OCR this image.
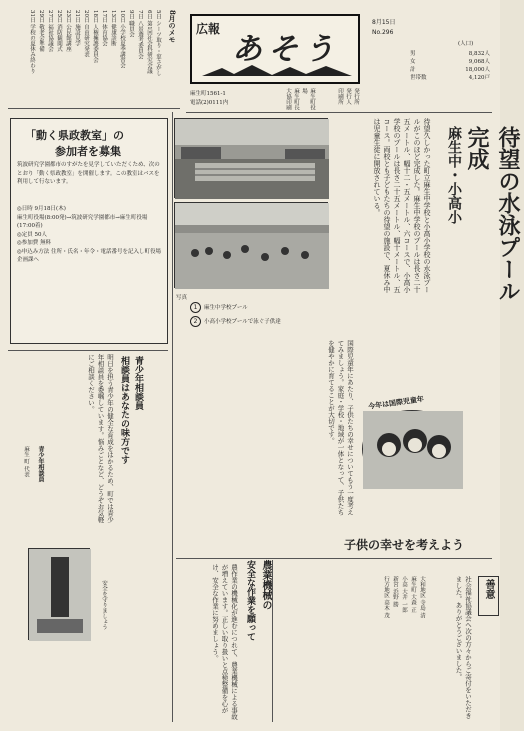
8月のメモ
5日 シーツ取り・窓さがし
6日 第1回社会科研究会議
7日 八景選考委員会
9日 職員会
10日 小学校夏季講習会
13日 健康診断
17日 体育協会
18日 人権擁護委員会
20日 自由研究発表
21日 施設見学
23日 公民館講座
25日 消防観閲式
27日 福祉協議会
29日 敬老会準備
31日 学校の夏休み終わり	広報
あそう
発行所
発行人
印刷所
麻生町役場
麻生町長
大協印刷
麻生町1561-1
電話(2)0111内
8月15日
No.296
(人口)
男	8,832人
女	9,068人
計	18,000人
世帯数	4,120戸
待望久しかった町立麻生中学校と小高小学校の水泳プールがこのほど完成した。麻生中学校のプールは長さ二十五メートル、幅十二・五メートル、六コースで、小高小学校のプールは長さ二十五メートル、幅十メートル、五コース。両校とも子どもたちの待望の施設で、夏休み中は児童生徒に開放されている。	麻生中・小高小	待望の水泳プール完成
写真
1	麻生中学校プール
2	小高小学校プールで泳ぐ子供達
「動く県政教室」の
参加者を募集
筑波研究学園都市のすがたを見学していただくため、次のとおり「動く県政教室」を開催します。この教室はバスを利用して行ないます。
◎日時 9月18日(木)
麻生町役場(8:00発)→筑波研究学園都市→麻生町役場(17:00着)
◎定員 50人
◎参加費 無料
◎申込み方法 住所・氏名・年令・電話番号を記入し町役場企画課へ
国際児童年にあたり、子供たちの幸せについてもう一度考えてみましょう。家庭・学校・地域が一体となって、子供たちを健やかに育てることが大切です。	今年は国際児童年
子供の幸せを考えよう
明日を担う青少年の健全な育成をはかるため、町では青少年相談員を委嘱しています。悩みごとなど、どうぞお気軽にご相談ください。	青少年相談員
相談員はあなたの味方です
青少年相談員
麻生 町 代表
安全を守りましょう	農業機械の
安全な作業を願って
農作業の機械化が進むにつれて、農業機械による事故が増えています。正しい取り扱いと点検整備を心がけ、安全な作業に努めましょう。	善意
社会福祉協議会へ次の方々からご寄付をいただきました。ありがとうございました。
大和地区 寺島 清
麻生町 大森 正
小高 大井 一郎
新宮 浜野 勝
行方地区 高木 茂
